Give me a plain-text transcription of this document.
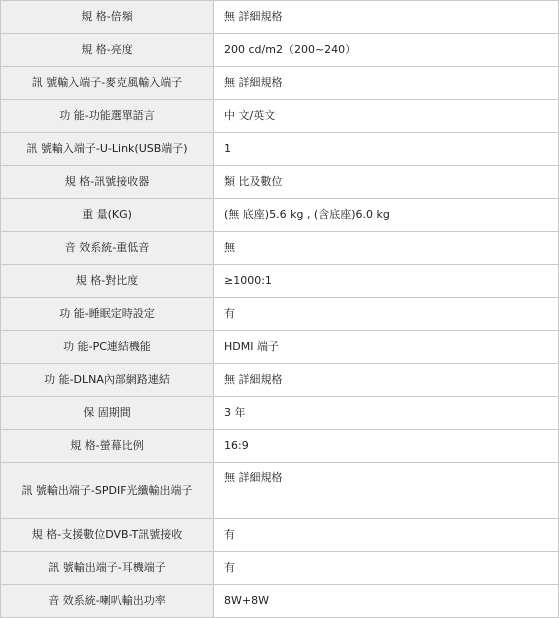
規 格-倍頻	無 詳細規格
規 格-亮度	200 cd/m2（200~240）
訊 號輸入端子-麥克風輸入端子	無 詳細規格
功 能-功能選單語言	中 文/英文
訊 號輸入端子-U-Link(USB端子)	1
規 格-訊號接收器	類 比及數位
重 量(KG)	(無 底座)5.6 kg , (含底座)6.0 kg
音 效系統-重低音	無
規 格-對比度	≥1000:1
功 能-睡眠定時設定	有
功 能-PC連結機能	HDMI 端子
功 能-DLNA內部網路連結	無 詳細規格
保 固期間	3 年
規 格-螢幕比例	16:9
訊 號輸出端子-SPDIF光纖輸出端子	無 詳細規格
規 格-支援數位DVB-T訊號接收	有
訊 號輸出端子-耳機端子	有
音 效系統-喇叭輸出功率	8W+8W
